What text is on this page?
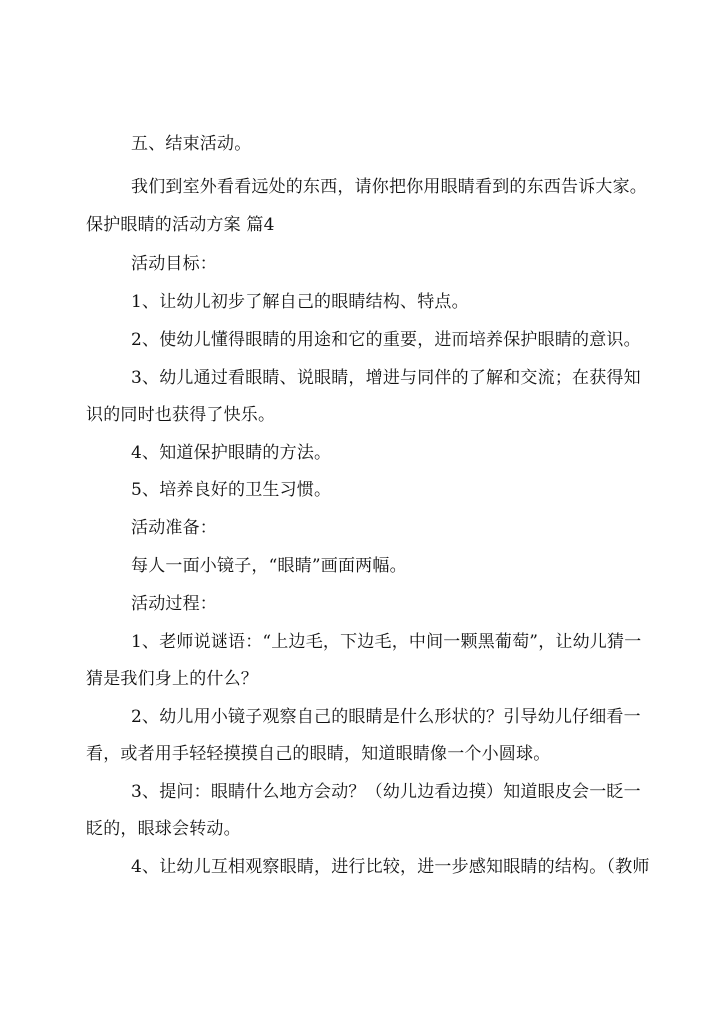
五、结束活动。
我们到室外看看远处的东西，请你把你用眼睛看到的东西告诉大家。
保护眼睛的活动方案 篇4
活动目标：
1、让幼儿初步了解自己的眼睛结构、特点。
2、使幼儿懂得眼睛的用途和它的重要，进而培养保护眼睛的意识。
3、幼儿通过看眼睛、说眼睛，增进与同伴的了解和交流；在获得知
识的同时也获得了快乐。
4、知道保护眼睛的方法。
5、培养良好的卫生习惯。
活动准备：
每人一面小镜子，“眼睛”画面两幅。
活动过程：
1、老师说谜语：“上边毛，下边毛，中间一颗黑葡萄”，让幼儿猜一
猜是我们身上的什么？
2、幼儿用小镜子观察自己的眼睛是什么形状的？引导幼儿仔细看一
看，或者用手轻轻摸摸自己的眼睛，知道眼睛像一个小圆球。
3、提问：眼睛什么地方会动？（幼儿边看边摸）知道眼皮会一眨一
眨的，眼球会转动。
4、让幼儿互相观察眼睛，进行比较，进一步感知眼睛的结构。（教师
